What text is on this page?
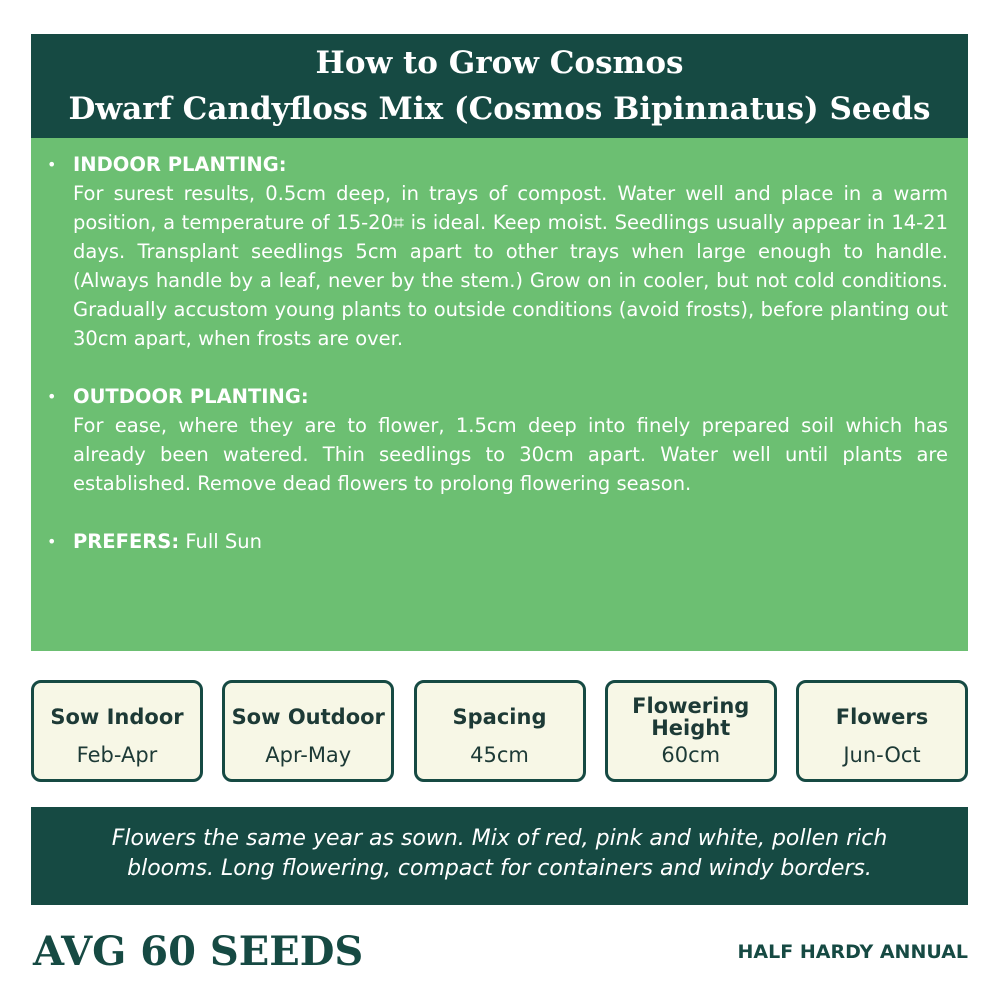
How to Grow Cosmos
Dwarf Candyfloss Mix (Cosmos Bipinnatus) Seeds
• INDOOR PLANTING:
For surest results, 0.5cm deep, in trays of compost. Water well and place in a warm position, a temperature of 15-20⌗ is ideal. Keep moist. Seedlings usually appear in 14-21 days. Transplant seedlings 5cm apart to other trays when large enough to handle. (Always handle by a leaf, never by the stem.) Grow on in cooler, but not cold conditions. Gradually accustom young plants to outside conditions (avoid frosts), before planting out 30cm apart, when frosts are over.
• OUTDOOR PLANTING:
For ease, where they are to flower, 1.5cm deep into finely prepared soil which has already been watered. Thin seedlings to 30cm apart. Water well until plants are established. Remove dead flowers to prolong flowering season.
• PREFERS: Full Sun
Sow Indoor
Feb-Apr
Sow Outdoor
Apr-May
Spacing
45cm
Flowering Height
60cm
Flowers
Jun-Oct
Flowers the same year as sown. Mix of red, pink and white, pollen rich
blooms. Long flowering, compact for containers and windy borders.
AVG 60 SEEDS	HALF HARDY ANNUAL
